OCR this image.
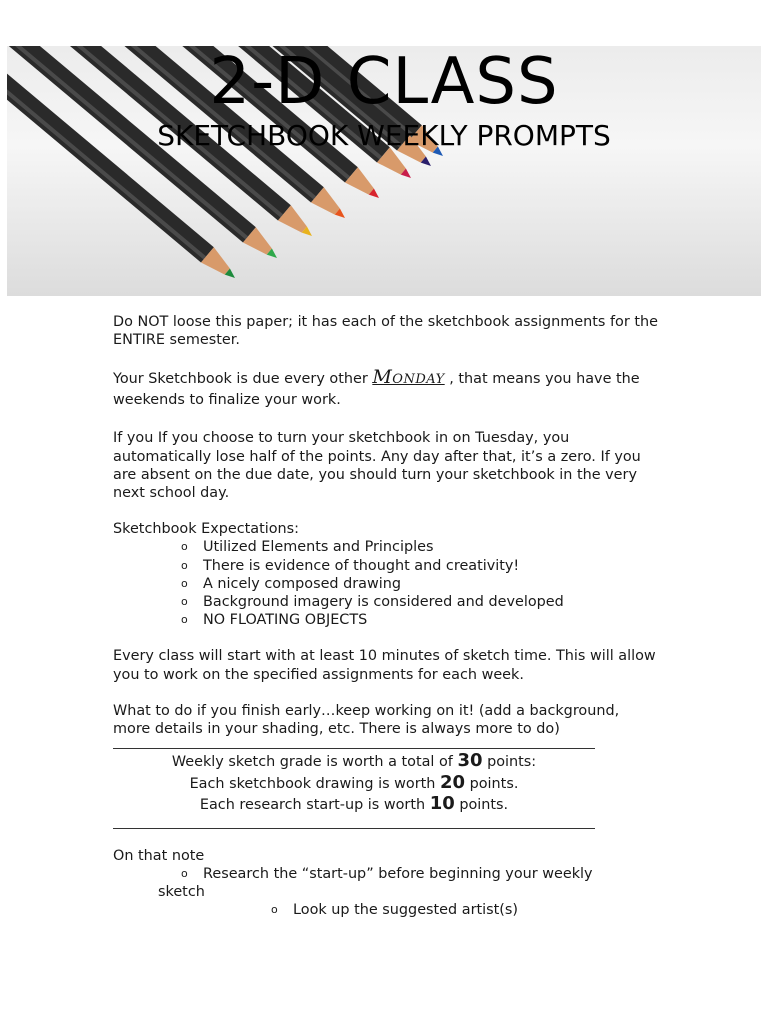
2-D CLASS
SKETCHBOOK WEEKLY PROMPTS

Do NOT loose this paper; it has each of the sketchbook assignments for the ENTIRE semester.

Your Sketchbook is due every other Monday , that means you have the weekends to finalize your work.

If you If you choose to turn your sketchbook in on Tuesday, you automatically lose half of the points. Any day after that, it’s a zero. If you are absent on the due date, you should turn your sketchbook in the very next school day.

Sketchbook Expectations:

o Utilized Elements and Principles
o There is evidence of thought and creativity!
o A nicely composed drawing
o Background imagery is considered and developed
o NO FLOATING OBJECTS

Every class will start with at least 10 minutes of sketch time. This will allow you to work on the specified assignments for each week.

What to do if you finish early…keep working on it! (add a background, more details in your shading, etc. There is always more to do)

Weekly sketch grade is worth a total of 30 points:

Each sketchbook drawing is worth 20 points.

Each research start-up is worth 10 points.

On that note

o Research the “start-up” before beginning your weekly

sketch

o Look up the suggested artist(s)
